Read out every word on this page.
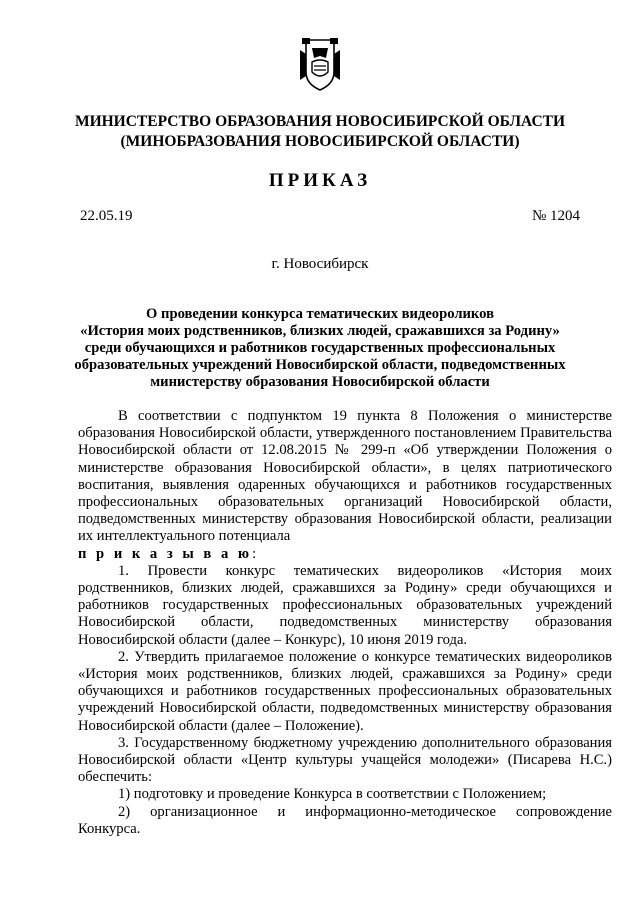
МИНИСТЕРСТВО ОБРАЗОВАНИЯ НОВОСИБИРСКОЙ ОБЛАСТИ
(МИНОБРАЗОВАНИЯ НОВОСИБИРСКОЙ ОБЛАСТИ)
ПРИКАЗ
22.05.19	№ 1204
г. Новосибирск
О проведении конкурса тематических видеороликов
«История моих родственников, близких людей, сражавшихся за Родину»
среди обучающихся и работников государственных профессиональных
образовательных учреждений Новосибирской области, подведомственных
министерству образования Новосибирской области

В соответствии с подпунктом 19 пункта 8 Положения о министерстве образования Новосибирской области, утвержденного постановлением Правительства Новосибирской области от 12.08.2015 № 299-п «Об утверждении Положения о министерстве образования Новосибирской области», в целях патриотического воспитания, выявления одаренных обучающихся и работников государственных профессиональных образовательных организаций Новосибирской области, подведомственных министерству образования Новосибирской области, реализации их интеллектуального потенциала

п р и к а з ы в а ю:

1. Провести конкурс тематических видеороликов «История моих родственников, близких людей, сражавшихся за Родину» среди обучающихся и работников государственных профессиональных образовательных учреждений Новосибирской области, подведомственных министерству образования Новосибирской области (далее – Конкурс), 10 июня 2019 года.

2. Утвердить прилагаемое положение о конкурсе тематических видеороликов «История моих родственников, близких людей, сражавшихся за Родину» среди обучающихся и работников государственных профессиональных образовательных учреждений Новосибирской области, подведомственных министерству образования Новосибирской области (далее – Положение).

3. Государственному бюджетному учреждению дополнительного образования Новосибирской области «Центр культуры учащейся молодежи» (Писарева Н.С.) обеспечить:

1) подготовку и проведение Конкурса в соответствии с Положением;

2) организационное и информационно-методическое сопровождение Конкурса.
